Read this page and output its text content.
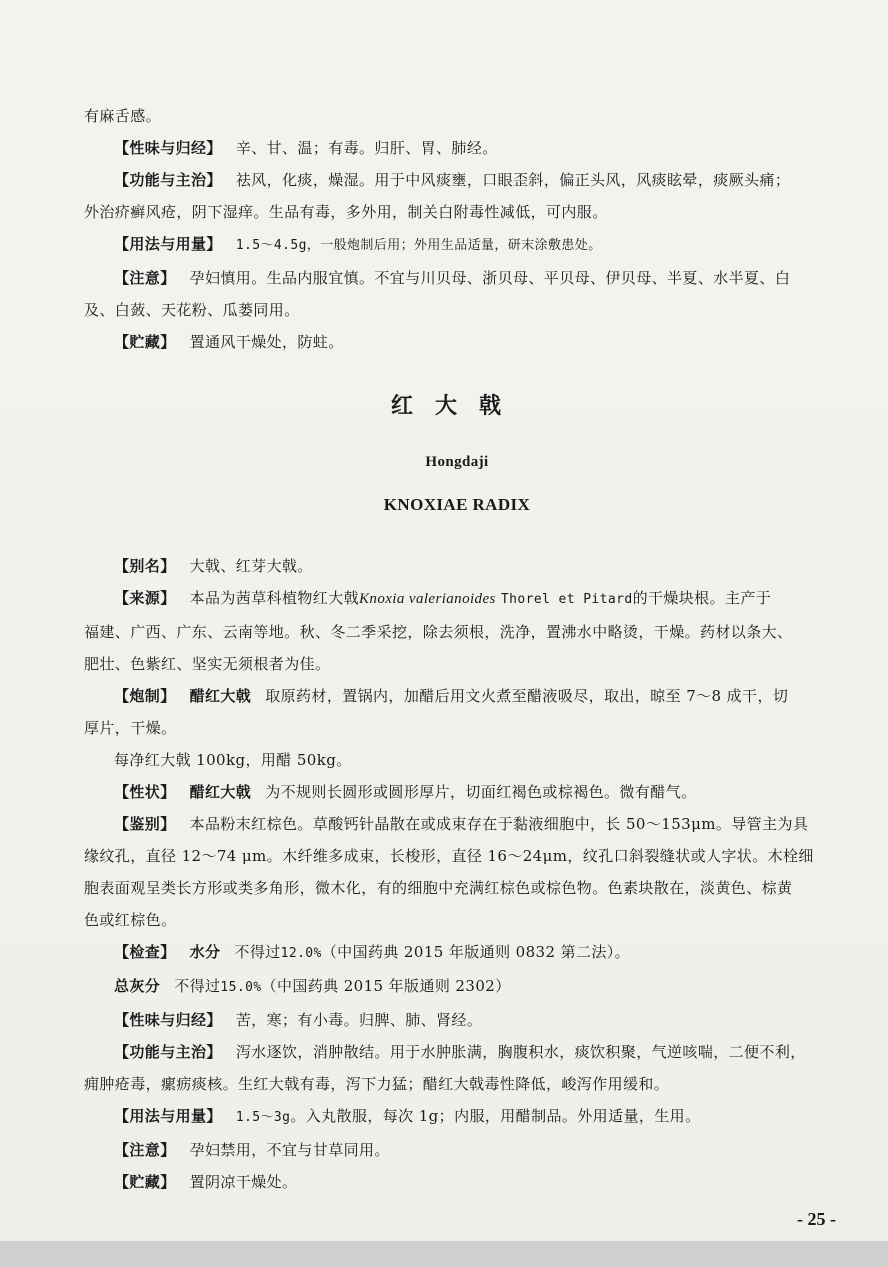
有麻舌感。

【性味与归经】 辛、甘、温；有毒。归肝、胃、肺经。

【功能与主治】 祛风，化痰，燥湿。用于中风痰壅，口眼歪斜，偏正头风，风痰眩晕，痰厥头痛；

外治疥癣风疮，阴下湿痒。生品有毒，多外用，制关白附毒性减低，可内服。

【用法与用量】 1.5～4.5g，一般炮制后用；外用生品适量，研末涂敷患处。

【注意】 孕妇慎用。生品内服宜慎。不宜与川贝母、浙贝母、平贝母、伊贝母、半夏、水半夏、白

及、白蔹、天花粉、瓜蒌同用。

【贮藏】 置通风干燥处，防蛀。

红大戟
Hongdaji
KNOXIAE RADIX

【别名】 大戟、红芽大戟。

【来源】 本品为茜草科植物红大戟Knoxia valerianoides Thorel et Pitard的干燥块根。主产于

福建、广西、广东、云南等地。秋、冬二季采挖，除去须根，洗净，置沸水中略烫，干燥。药材以条大、

肥壮、色紫红、坚实无须根者为佳。

【炮制】 醋红大戟 取原药材，置锅内，加醋后用文火煮至醋液吸尽，取出，晾至 7～8 成干，切

厚片，干燥。

每净红大戟 100kg，用醋 50kg。

【性状】 醋红大戟 为不规则长圆形或圆形厚片，切面红褐色或棕褐色。微有醋气。

【鉴别】 本品粉末红棕色。草酸钙针晶散在或成束存在于黏液细胞中，长 50～153μm。导管主为具

缘纹孔，直径 12～74 μm。木纤维多成束，长梭形，直径 16～24μm，纹孔口斜裂缝状或人字状。木栓细

胞表面观呈类长方形或类多角形，微木化，有的细胞中充满红棕色或棕色物。色素块散在，淡黄色、棕黄

色或红棕色。

【检查】 水分 不得过12.0%（中国药典 2015 年版通则 0832 第二法）。

总灰分 不得过15.0%（中国药典 2015 年版通则 2302）

【性味与归经】 苦，寒；有小毒。归脾、肺、肾经。

【功能与主治】 泻水逐饮，消肿散结。用于水肿胀满，胸腹积水，痰饮积聚，气逆咳喘，二便不利，

痈肿疮毒，瘰疬痰核。生红大戟有毒，泻下力猛；醋红大戟毒性降低，峻泻作用缓和。

【用法与用量】 1.5～3g。入丸散服，每次 1g；内服，用醋制品。外用适量，生用。

【注意】 孕妇禁用，不宜与甘草同用。

【贮藏】 置阴凉干燥处。

- 25 -
